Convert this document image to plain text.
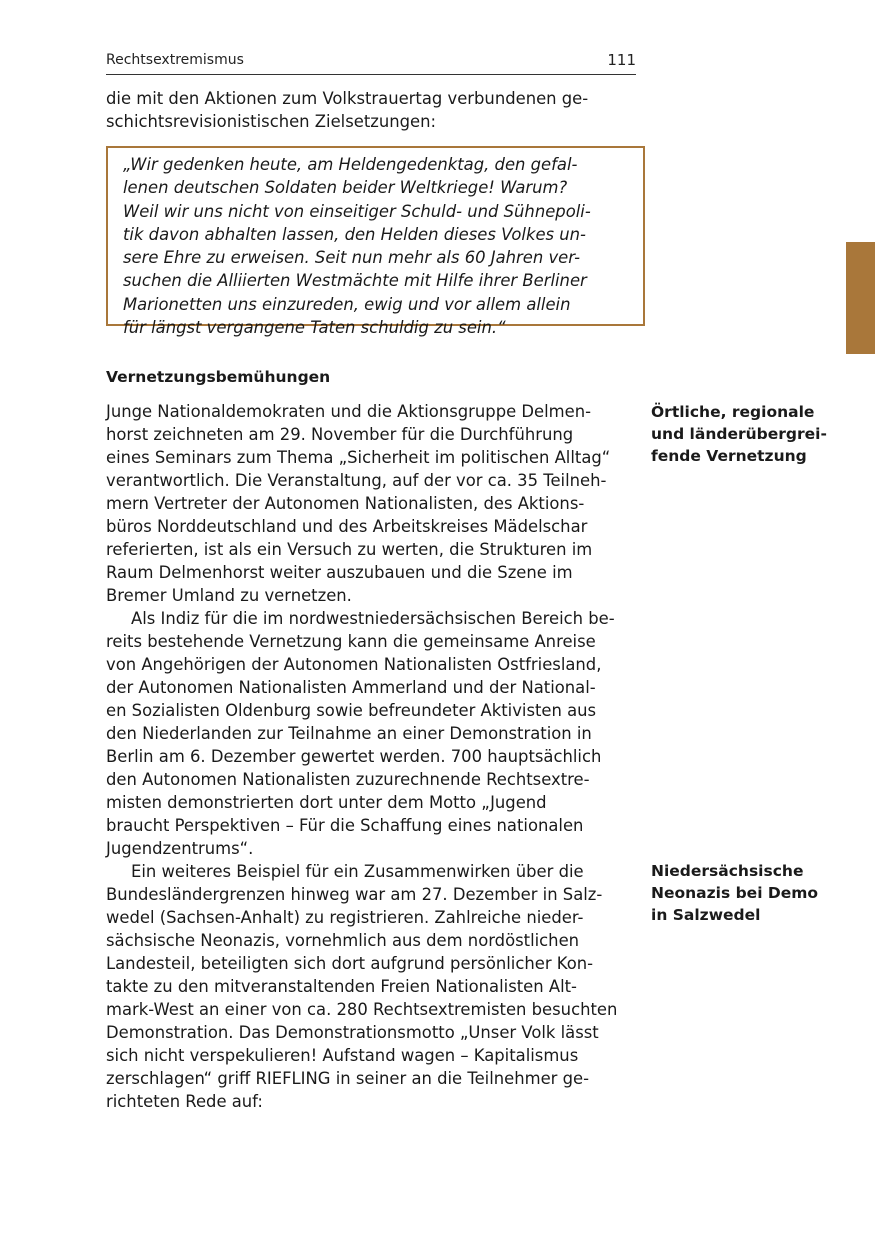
Rechtsextremismus	111
die mit den Aktionen zum Volkstrauertag verbundenen ge-
schichtsrevisionistischen Zielsetzungen:
„Wir gedenken heute, am Heldengedenktag, den gefal-
lenen deutschen Soldaten beider Weltkriege! Warum?
Weil wir uns nicht von einseitiger Schuld- und Sühnepoli-
tik davon abhalten lassen, den Helden dieses Volkes un-
sere Ehre zu erweisen. Seit nun mehr als 60 Jahren ver-
suchen die Alliierten Westmächte mit Hilfe ihrer Berliner
Marionetten uns einzureden, ewig und vor allem allein
für längst vergangene Taten schuldig zu sein.“
Vernetzungsbemühungen
Junge Nationaldemokraten und die Aktionsgruppe Delmen-
horst zeichneten am 29. November für die Durchführung
eines Seminars zum Thema „Sicherheit im politischen Alltag“
verantwortlich. Die Veranstaltung, auf der vor ca. 35 Teilneh-
mern Vertreter der Autonomen Nationalisten, des Aktions-
büros Norddeutschland und des Arbeitskreises Mädelschar
referierten, ist als ein Versuch zu werten, die Strukturen im
Raum Delmenhorst weiter auszubauen und die Szene im
Bremer Umland zu vernetzen.
Als Indiz für die im nordwestniedersächsischen Bereich be-
reits bestehende Vernetzung kann die gemeinsame Anreise
von Angehörigen der Autonomen Nationalisten Ostfriesland,
der Autonomen Nationalisten Ammerland und der National-
en Sozialisten Oldenburg sowie befreundeter Aktivisten aus
den Niederlanden zur Teilnahme an einer Demonstration in
Berlin am 6. Dezember gewertet werden. 700 hauptsächlich
den Autonomen Nationalisten zuzurechnende Rechtsextre-
misten demonstrierten dort unter dem Motto „Jugend
braucht Perspektiven – Für die Schaffung eines nationalen
Jugendzentrums“.
Ein weiteres Beispiel für ein Zusammenwirken über die
Bundesländergrenzen hinweg war am 27. Dezember in Salz-
wedel (Sachsen-Anhalt) zu registrieren. Zahlreiche nieder-
sächsische Neonazis, vornehmlich aus dem nordöstlichen
Landesteil, beteiligten sich dort aufgrund persönlicher Kon-
takte zu den mitveranstaltenden Freien Nationalisten Alt-
mark-West an einer von ca. 280 Rechtsextremisten besuchten
Demonstration. Das Demonstrationsmotto „Unser Volk lässt
sich nicht verspekulieren! Aufstand wagen – Kapitalismus
zerschlagen“ griff RIEFLING in seiner an die Teilnehmer ge-
richteten Rede auf:
Örtliche, regionale
und länderübergrei-
fende Vernetzung
Niedersächsische
Neonazis bei Demo
in Salzwedel
